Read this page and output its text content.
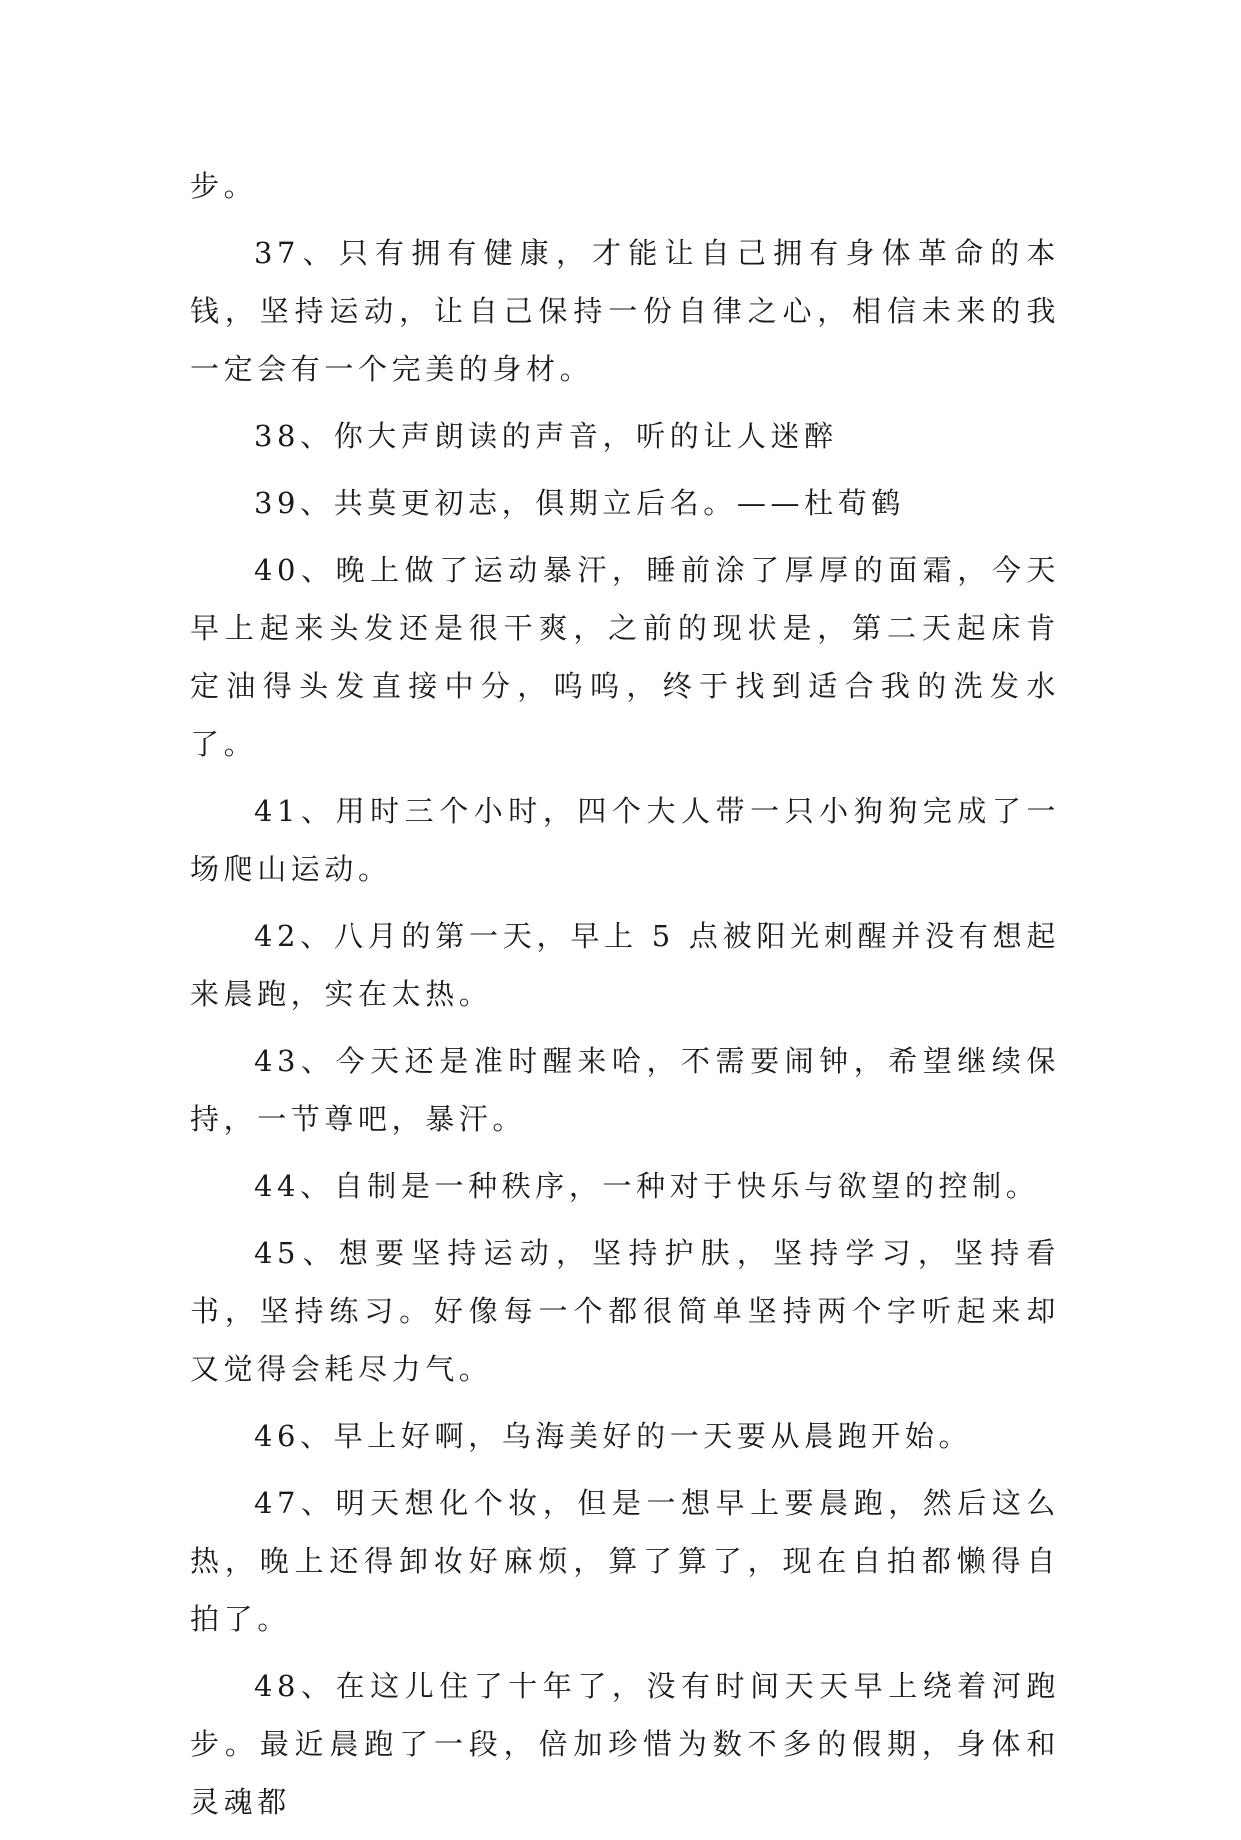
步。

37、只有拥有健康，才能让自己拥有身体革命的本钱，坚持运动，让自己保持一份自律之心，相信未来的我一定会有一个完美的身材。

38、你大声朗读的声音，听的让人迷醉

39、共莫更初志，俱期立后名。——杜荀鹤

40、晚上做了运动暴汗，睡前涂了厚厚的面霜，今天早上起来头发还是很干爽，之前的现状是，第二天起床肯定油得头发直接中分，呜呜，终于找到适合我的洗发水了。

41、用时三个小时，四个大人带一只小狗狗完成了一场爬山运动。

42、八月的第一天，早上 5 点被阳光刺醒并没有想起来晨跑，实在太热。

43、今天还是准时醒来哈，不需要闹钟，希望继续保持，一节尊吧，暴汗。

44、自制是一种秩序，一种对于快乐与欲望的控制。

45、想要坚持运动，坚持护肤，坚持学习，坚持看书，坚持练习。好像每一个都很简单坚持两个字听起来却又觉得会耗尽力气。

46、早上好啊，乌海美好的一天要从晨跑开始。

47、明天想化个妆，但是一想早上要晨跑，然后这么热，晚上还得卸妆好麻烦，算了算了，现在自拍都懒得自拍了。

48、在这儿住了十年了，没有时间天天早上绕着河跑步。最近晨跑了一段，倍加珍惜为数不多的假期，身体和灵魂都
